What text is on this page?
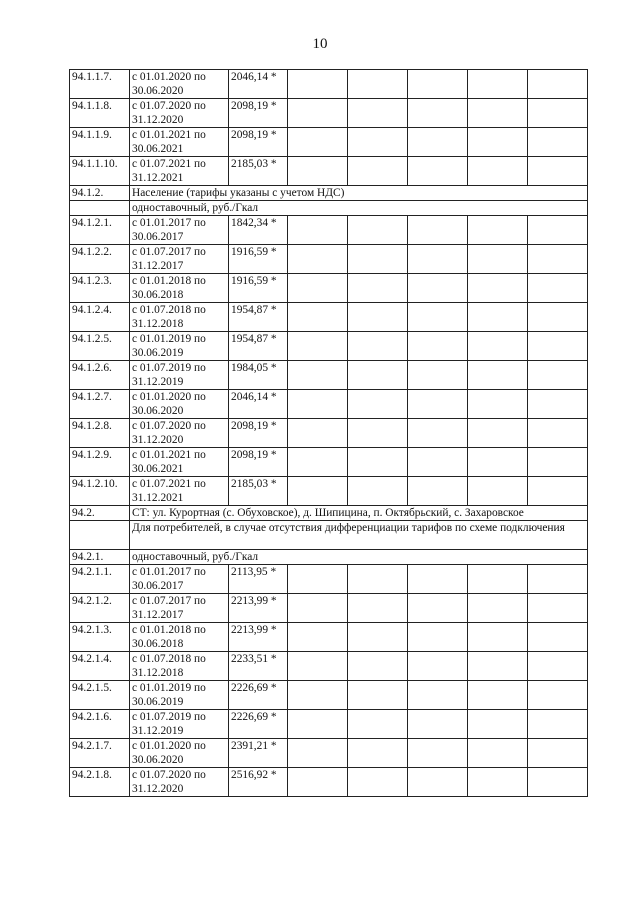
10
94.1.1.7.	с 01.01.2020 по 30.06.2020	2046,14 *					
94.1.1.8.	с 01.07.2020 по 31.12.2020	2098,19 *					
94.1.1.9.	с 01.01.2021 по 30.06.2021	2098,19 *					
94.1.1.10.	с 01.07.2021 по 31.12.2021	2185,03 *					
94.1.2.	Население (тарифы указаны с учетом НДС)						
	одноставочный, руб./Гкал						
94.1.2.1.	с 01.01.2017 по 30.06.2017	1842,34 *					
94.1.2.2.	с 01.07.2017 по 31.12.2017	1916,59 *					
94.1.2.3.	с 01.01.2018 по 30.06.2018	1916,59 *					
94.1.2.4.	с 01.07.2018 по 31.12.2018	1954,87 *					
94.1.2.5.	с 01.01.2019 по 30.06.2019	1954,87 *					
94.1.2.6.	с 01.07.2019 по 31.12.2019	1984,05 *					
94.1.2.7.	с 01.01.2020 по 30.06.2020	2046,14 *					
94.1.2.8.	с 01.07.2020 по 31.12.2020	2098,19 *					
94.1.2.9.	с 01.01.2021 по 30.06.2021	2098,19 *					
94.1.2.10.	с 01.07.2021 по 31.12.2021	2185,03 *					
94.2.	СТ: ул. Курортная (с. Обуховское), д. Шипицина, п. Октябрьский, с. Захаровское						
	Для потребителей, в случае отсутствия дифференциации тарифов по схеме подключения						
94.2.1.	одноставочный, руб./Гкал						
94.2.1.1.	с 01.01.2017 по 30.06.2017	2113,95 *					
94.2.1.2.	с 01.07.2017 по 31.12.2017	2213,99 *					
94.2.1.3.	с 01.01.2018 по 30.06.2018	2213,99 *					
94.2.1.4.	с 01.07.2018 по 31.12.2018	2233,51 *					
94.2.1.5.	с 01.01.2019 по 30.06.2019	2226,69 *					
94.2.1.6.	с 01.07.2019 по 31.12.2019	2226,69 *					
94.2.1.7.	с 01.01.2020 по 30.06.2020	2391,21 *					
94.2.1.8.	с 01.07.2020 по 31.12.2020	2516,92 *					
